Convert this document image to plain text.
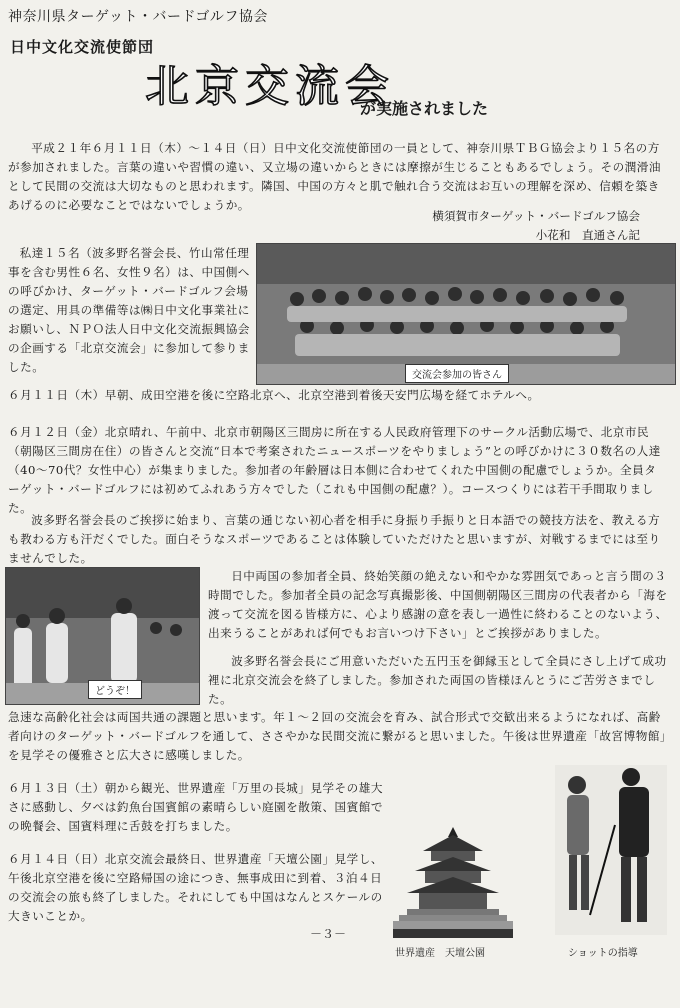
神奈川県ターゲット・バードゴルフ協会
日中文化交流使節団
北京交流会
が実施されました
平成２１年６月１１日（木）～１４日（日）日中文化交流使節団の一員として、神奈川県ＴＢＧ協会より１５名の方が参加されました。言葉の違いや習慣の違い、又立場の違いからときには摩擦が生じることもあるでしょう。その潤滑油として民間の交流は大切なものと思われます。隣国、中国の方々と肌で触れ合う交流はお互いの理解を深め、信頼を築きあげるのに必要なことではないでしょうか。
横須賀市ターゲット・バードゴルフ協会
小花和　直通さん記
私達１５名（波多野名誉会長、竹山常任理事を含む男性６名、女性９名）は、中国側への呼びかけ、ターゲット・バードゴルフ会場の選定、用具の準備等は㈱日中文化事業社にお願いし、ＮＰＯ法人日中文化交流振興協会の企画する「北京交流会」に参加して参りました。
交流会参加の皆さん
６月１１日（木）早朝、成田空港を後に空路北京へ、北京空港到着後天安門広場を経てホテルへ。
６月１２日（金）北京晴れ、午前中、北京市朝陽区三間房に所在する人民政府管理下のサークル活動広場で、北京市民（朝陽区三間房在住）の皆さんと交流“日本で考案されたニュースポーツをやりましょう”との呼びかけに３０数名の人達（40～70代？女性中心）が集まりました。参加者の年齢層は日本側に合わせてくれた中国側の配慮でしょうか。全員ターゲット・バードゴルフには初めてふれあう方々でした（これも中国側の配慮？）。コースつくりには若干手間取りました。
波多野名誉会長のご挨拶に始まり、言葉の通じない初心者を相手に身振り手振りと日本語での競技方法を、教える方も教わる方も汗だくでした。面白そうなスポーツであることは体験していただけたと思いますが、対戦するまでには至りませんでした。
どうぞ！
日中両国の参加者全員、終始笑顔の絶えない和やかな雰囲気であっと言う間の３時間でした。参加者全員の記念写真撮影後、中国側朝陽区三間房の代表者から「海を渡って交流を図る皆様方に、心より感謝の意を表し一過性に終わることのないよう、出来うることがあれば何でもお言いつけ下さい」とご挨拶がありました。
波多野名誉会長にご用意いただいた五円玉を御縁玉として全員にさし上げて成功裡に北京交流会を終了しました。参加された両国の皆様ほんとうにご苦労さまでした。
急速な高齢化社会は両国共通の課題と思います。年１～２回の交流会を育み、試合形式で交歓出来るようになれば、高齢者向けのターゲット・バードゴルフを通して、ささやかな民間交流に繋がると思いました。午後は世界遺産「故宮博物館」を見学その優雅さと広大さに感嘆しました。
６月１３日（土）朝から観光、世界遺産「万里の長城」見学その雄大さに感動し、夕べは釣魚台国賓館の素晴らしい庭園を散策、国賓館での晩餐会、国賓料理に舌鼓を打ちました。
６月１４日（日）北京交流会最終日、世界遺産「天壇公園」見学し、午後北京空港を後に空路帰国の途につき、無事成田に到着、３泊４日の交流会の旅も終了しました。それにしても中国はなんとスケールの大きいことか。
－３－
世界遺産　天壇公園	ショットの指導
